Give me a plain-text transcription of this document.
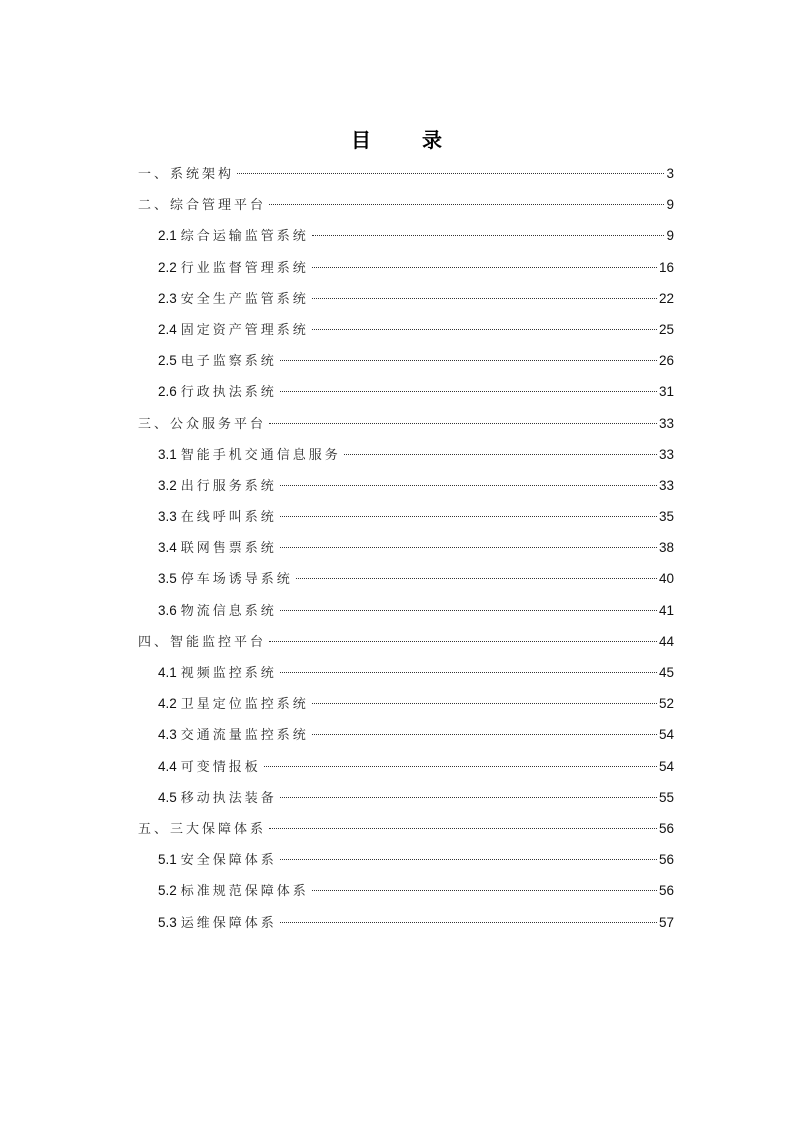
目 录
一、系统架构	3
二、综合管理平台	9
2.1 综合运输监管系统	9
2.2 行业监督管理系统	16
2.3 安全生产监管系统	22
2.4 固定资产管理系统	25
2.5 电子监察系统	26
2.6 行政执法系统	31
三、公众服务平台	33
3.1 智能手机交通信息服务	33
3.2 出行服务系统	33
3.3 在线呼叫系统	35
3.4 联网售票系统	38
3.5 停车场诱导系统	40
3.6 物流信息系统	41
四、智能监控平台	44
4.1 视频监控系统	45
4.2 卫星定位监控系统	52
4.3 交通流量监控系统	54
4.4 可变情报板	54
4.5 移动执法装备	55
五、三大保障体系	56
5.1 安全保障体系	56
5.2 标准规范保障体系	56
5.3 运维保障体系	57
